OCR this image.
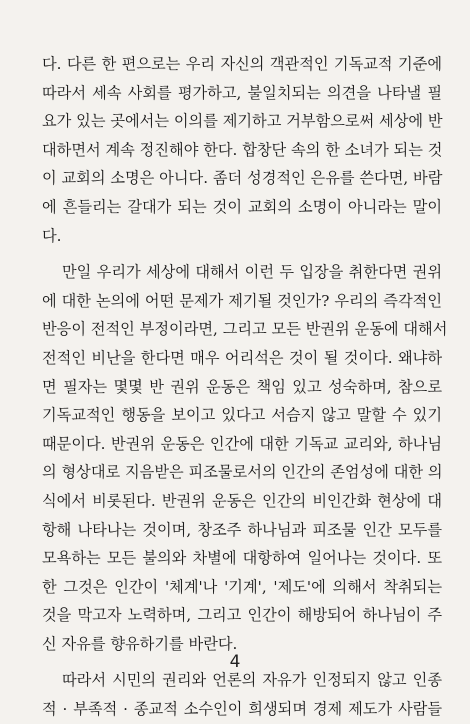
다. 다른 한 편으로는 우리 자신의 객관적인 기독교적 기준에
따라서 세속 사회를 평가하고, 불일치되는 의견을 나타낼 필
요가 있는 곳에서는 이의를 제기하고 거부함으로써 세상에 반
대하면서 계속 정진해야 한다. 합창단 속의 한 소녀가 되는 것
이 교회의 소명은 아니다. 좀더 성경적인 은유를 쓴다면, 바람
에 흔들리는 갈대가 되는 것이 교회의 소명이 아니라는 말이
다.
만일 우리가 세상에 대해서 이런 두 입장을 취한다면 권위
에 대한 논의에 어떤 문제가 제기될 것인가? 우리의 즉각적인
반응이 전적인 부정이라면, 그리고 모든 반권위 운동에 대해서
전적인 비난을 한다면 매우 어리석은 것이 될 것이다. 왜냐하
면 필자는 몇몇 반 권위 운동은 책임 있고 성숙하며, 참으로
기독교적인 행동을 보이고 있다고 서슴지 않고 말할 수 있기
때문이다. 반권위 운동은 인간에 대한 기독교 교리와, 하나님
의 형상대로 지음받은 피조물로서의 인간의 존엄성에 대한 의
식에서 비롯된다. 반권위 운동은 인간의 비인간화 현상에 대
항해 나타나는 것이며, 창조주 하나님과 피조물 인간 모두를
모욕하는 모든 불의와 차별에 대항하여 일어나는 것이다. 또
한 그것은 인간이 '체계'나 '기계', '제도'에 의해서 착취되는
것을 막고자 노력하며, 그리고 인간이 해방되어 하나님이 주
신 자유를 향유하기를 바란다.
따라서 시민의 권리와 언론의 자유가 인정되지 않고 인종
적 · 부족적 · 종교적 소수인이 희생되며 경제 제도가 사람들
4
